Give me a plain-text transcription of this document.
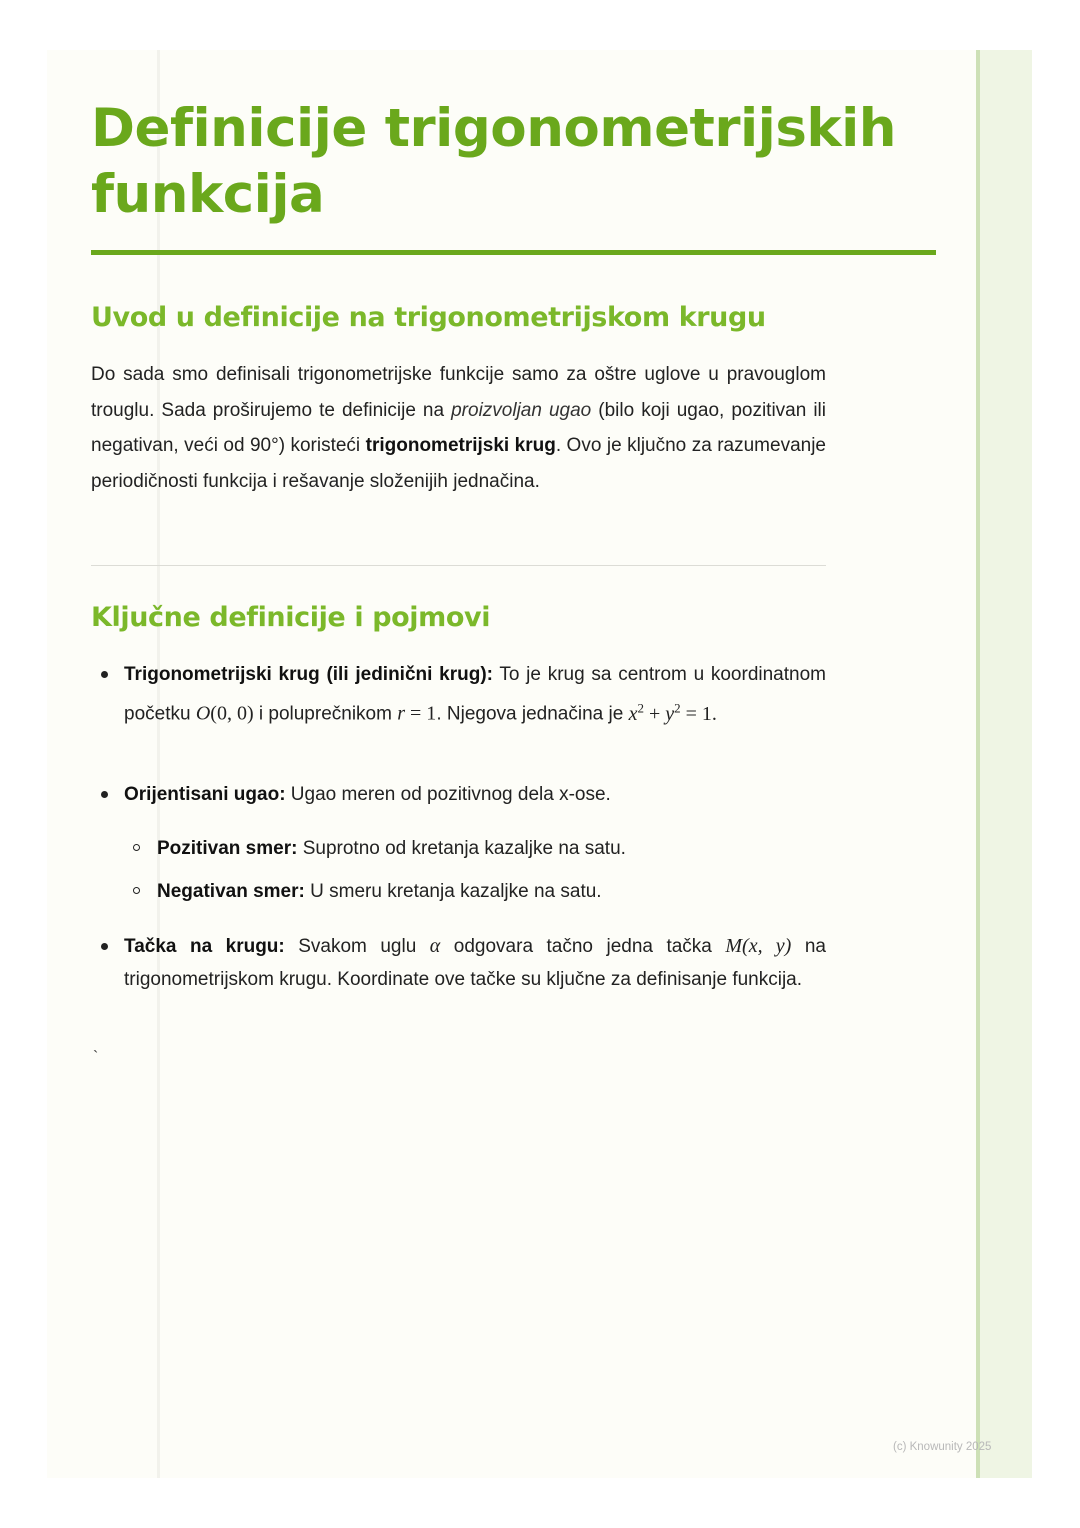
Definicije trigonometrijskih funkcija
Uvod u definicije na trigonometrijskom krugu

Do sada smo definisali trigonometrijske funkcije samo za oštre uglove u pravouglom trouglu. Sada proširujemo te definicije na proizvoljan ugao (bilo koji ugao, pozitivan ili negativan, veći od 90°) koristeći trigonometrijski krug. Ovo je ključno za razumevanje periodičnosti funkcija i rešavanje složenijih jednačina.

Ključne definicije i pojmovi

Trigonometrijski krug (ili jedinični krug): To je krug sa centrom u koordinatnom početku O(0, 0) i poluprečnikom r = 1. Njegova jednačina je $x^2 + y^2 = 1$.

Orijentisani ugao: Ugao meren od pozitivnog dela x-ose.

Pozitivan smer: Suprotno od kretanja kazaljke na satu.

Negativan smer: U smeru kretanja kazaljke na satu.

Tačka na krugu: Svakom uglu α odgovara tačno jedna tačka M(x, y) na trigonometrijskom krugu. Koordinate ove tačke su ključne za definisanje funkcija.

`
(c) Knowunity 2025
